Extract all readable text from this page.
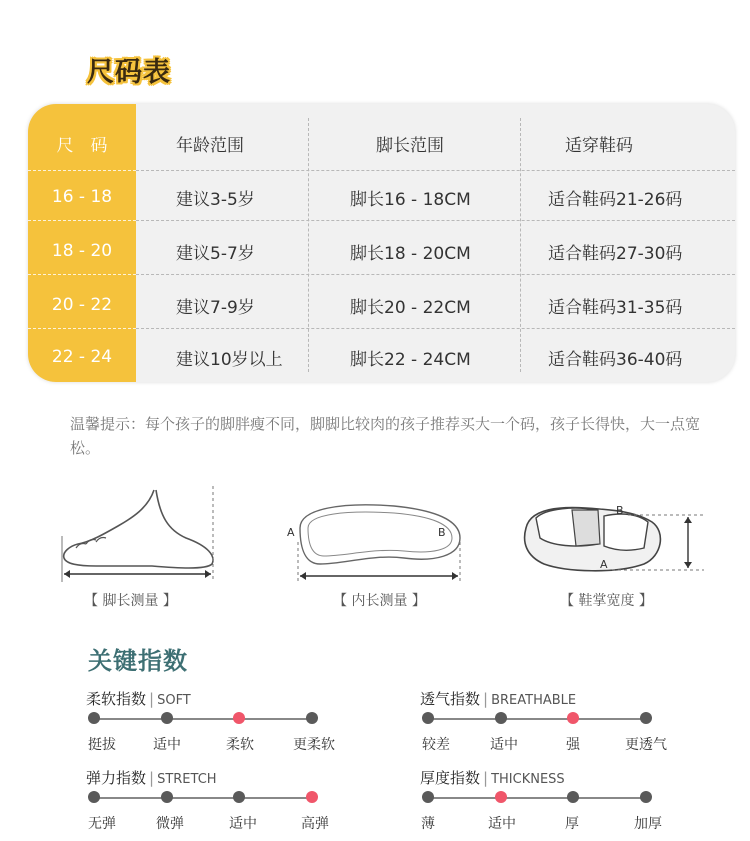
尺码表
尺　码	年龄范围	脚长范围	适穿鞋码
16 - 18	建议3-5岁	脚长16 - 18CM	适合鞋码21-26码
18 - 20	建议5-7岁	脚长18 - 20CM	适合鞋码27-30码
20 - 22	建议7-9岁	脚长20 - 22CM	适合鞋码31-35码
22 - 24	建议10岁以上	脚长22 - 24CM	适合鞋码36-40码
温馨提示：每个孩子的脚胖瘦不同，脚脚比较肉的孩子推荐买大一个码，孩子长得快，大一点宽松。
【 脚长测量 】
A	B
【 内长测量 】
B
A
【 鞋掌宽度 】
关键指数
柔软指数 | SOFT
挺拔	适中	柔软	更柔软
透气指数 | BREATHABLE
较差	适中	强	更透气
弹力指数 | STRETCH
无弹	微弹	适中	高弹
厚度指数 | THICKNESS
薄	适中	厚	加厚
